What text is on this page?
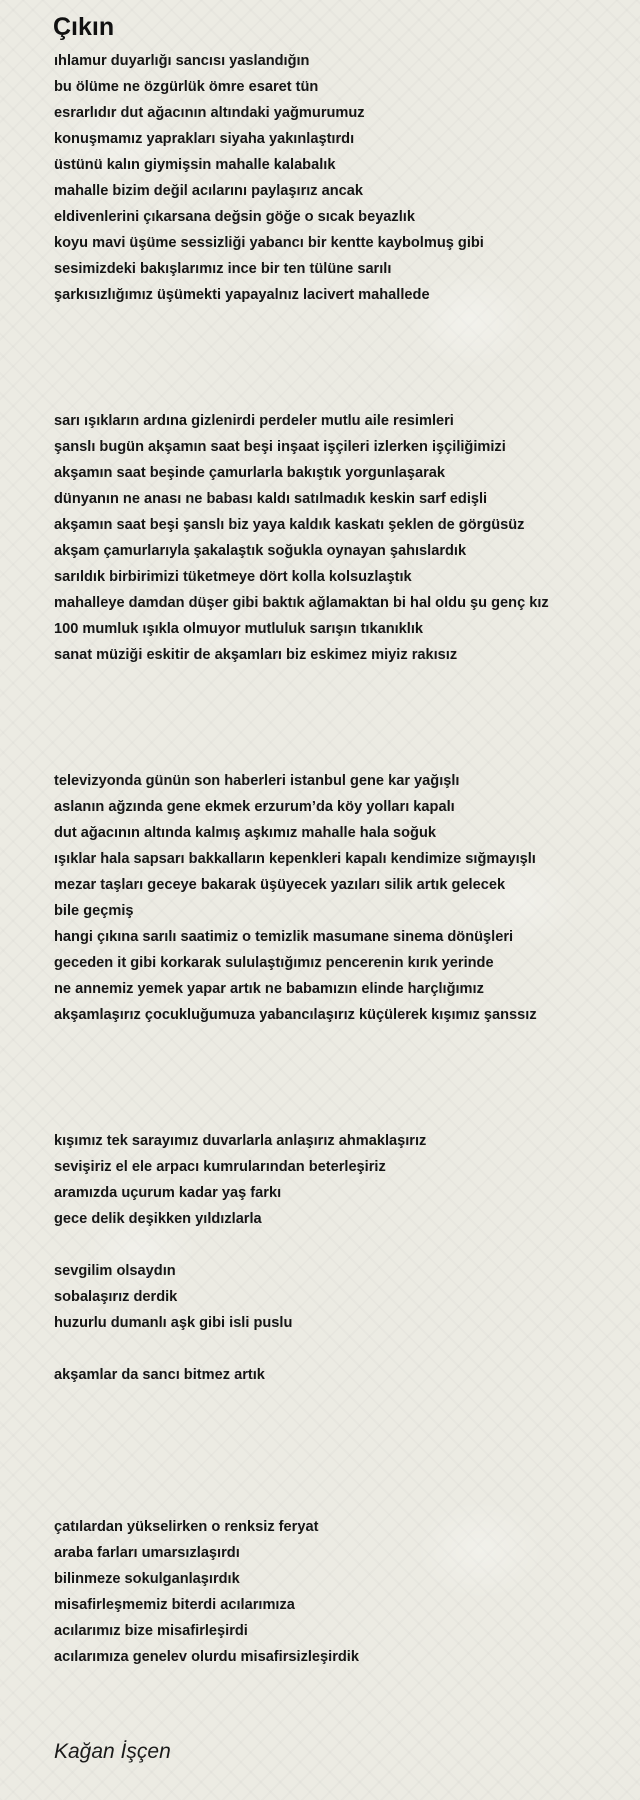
Çıkın
ıhlamur duyarlığı sancısı yaslandığın
bu ölüme ne özgürlük ömre esaret tün
esrarlıdır dut ağacının altındaki yağmurumuz
konuşmamız yaprakları siyaha yakınlaştırdı
üstünü kalın giymişsin mahalle kalabalık
mahalle bizim değil acılarını paylaşırız ancak
eldivenlerini çıkarsana değsin göğe o sıcak beyazlık
koyu mavi üşüme sessizliği yabancı bir kentte kaybolmuş gibi
sesimizdeki bakışlarımız ince bir ten tülüne sarılı
şarkısızlığımız üşümekti yapayalnız lacivert mahallede
sarı ışıkların ardına gizlenirdi perdeler mutlu aile resimleri
şanslı bugün akşamın saat beşi inşaat işçileri izlerken işçiliğimizi
akşamın saat beşinde çamurlarla bakıştık yorgunlaşarak
dünyanın ne anası ne babası kaldı satılmadık keskin sarf edişli
akşamın saat beşi şanslı biz yaya kaldık kaskatı şeklen de görgüsüz
akşam çamurlarıyla şakalaştık soğukla oynayan şahıslardık
sarıldık birbirimizi tüketmeye dört kolla kolsuzlaştık
mahalleye damdan düşer gibi baktık ağlamaktan bi hal oldu şu genç kız
100 mumluk ışıkla olmuyor mutluluk sarışın tıkanıklık
sanat müziği eskitir de akşamları biz eskimez miyiz rakısız
televizyonda günün son haberleri istanbul gene kar yağışlı
aslanın ağzında gene ekmek erzurum’da köy yolları kapalı
dut ağacının altında kalmış aşkımız mahalle hala soğuk
ışıklar hala sapsarı bakkalların kepenkleri kapalı kendimize sığmayışlı
mezar taşları geceye bakarak üşüyecek yazıları silik artık gelecek
bile geçmiş
hangi çıkına sarılı saatimiz o temizlik masumane sinema dönüşleri
geceden it gibi korkarak sululaştığımız pencerenin kırık yerinde
ne annemiz yemek yapar artık ne babamızın elinde harçlığımız
akşamlaşırız çocukluğumuza yabancılaşırız küçülerek kışımız şanssız
kışımız tek sarayımız duvarlarla anlaşırız ahmaklaşırız
sevişiriz el ele arpacı kumrularından beterleşiriz
aramızda uçurum kadar yaş farkı
gece delik deşikken yıldızlarla
sevgilim olsaydın
sobalaşırız derdik
huzurlu dumanlı aşk gibi isli puslu
akşamlar da sancı bitmez artık
çatılardan yükselirken o renksiz feryat
araba farları umarsızlaşırdı
bilinmeze sokulganlaşırdık
misafirleşmemiz biterdi acılarımıza
acılarımız bize misafirleşirdi
acılarımıza genelev olurdu misafirsizleşirdik

Kağan İşçen
